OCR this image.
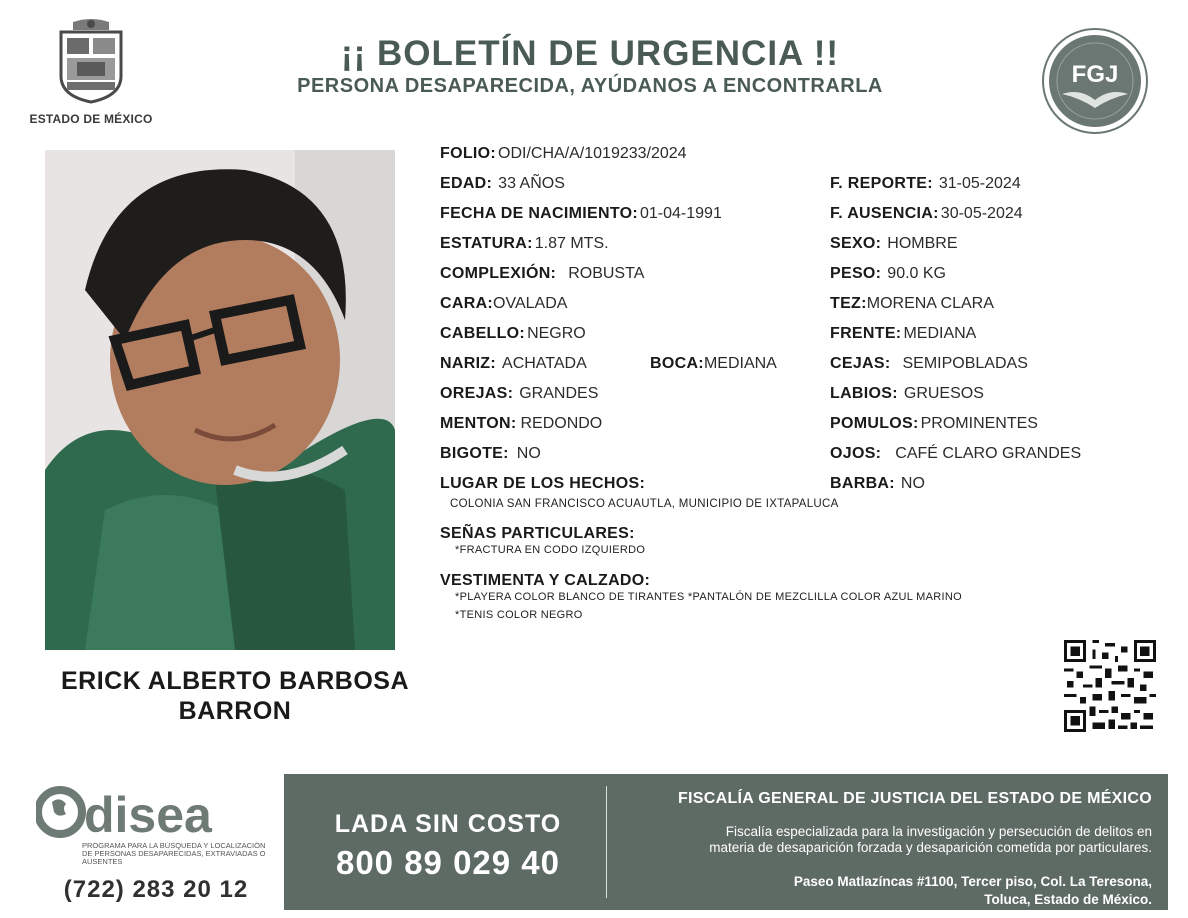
ESTADO DE MÉXICO
¡¡ BOLETÍN DE URGENCIA !!
PERSONA DESAPARECIDA, AYÚDANOS A ENCONTRARLA	FGJ
ERICK ALBERTO BARBOSA
BARRON
FOLIO: ODI/CHA/A/1019233/2024
EDAD: 33 AÑOS
FECHA DE NACIMIENTO: 01-04-1991
ESTATURA: 1.87 MTS.
COMPLEXIÓN: ROBUSTA
CARA:OVALADA
CABELLO: NEGRO
NARIZ: ACHATADA	BOCA:MEDIANA
OREJAS: GRANDES
MENTON: REDONDO
BIGOTE: NO
F. REPORTE: 31-05-2024
F. AUSENCIA: 30-05-2024
SEXO: HOMBRE
PESO: 90.0 KG
TEZ:MORENA CLARA
FRENTE: MEDIANA
CEJAS: SEMIPOBLADAS
LABIOS: GRUESOS
POMULOS: PROMINENTES
OJOS: CAFÉ CLARO GRANDES
BARBA: NO
LUGAR DE LOS HECHOS:
COLONIA SAN FRANCISCO ACUAUTLA, MUNICIPIO DE IXTAPALUCA
SEÑAS PARTICULARES:
*FRACTURA EN CODO IZQUIERDO
VESTIMENTA Y CALZADO:
*PLAYERA COLOR BLANCO DE TIRANTES *PANTALÓN DE MEZCLILLA COLOR AZUL MARINO
*TENIS COLOR NEGRO
disea
PROGRAMA PARA LA BÚSQUEDA Y LOCALIZACIÓN DE PERSONAS DESAPARECIDAS, EXTRAVIADAS O AUSENTES
(722) 283 20 12
LADA SIN COSTO
800 89 029 40
FISCALÍA GENERAL DE JUSTICIA DEL ESTADO DE MÉXICO
Fiscalía especializada para la investigación y persecución de delitos en
materia de desaparición forzada y desaparición cometida por particulares.
Paseo Matlazíncas #1100, Tercer piso, Col. La Teresona,
Toluca, Estado de México.
